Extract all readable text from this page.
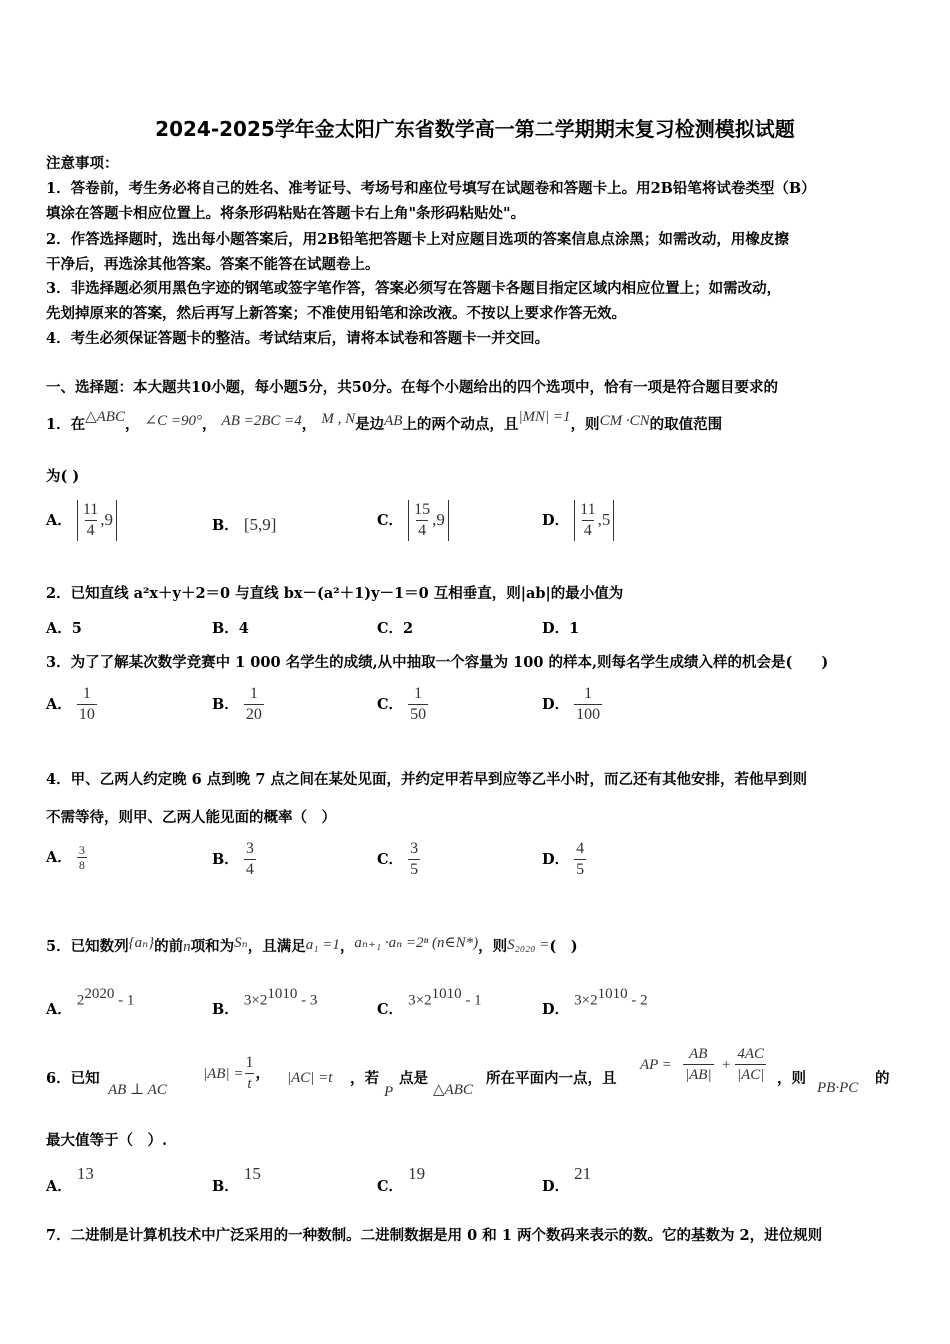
2024-2025学年金太阳广东省数学高一第二学期期末复习检测模拟试题
注意事项：
1．答卷前，考生务必将自己的姓名、准考证号、考场号和座位号填写在试题卷和答题卡上。用2B铅笔将试卷类型（B）
填涂在答题卡相应位置上。将条形码粘贴在答题卡右上角"条形码粘贴处"。
2．作答选择题时，选出每小题答案后，用2B铅笔把答题卡上对应题目选项的答案信息点涂黑；如需改动，用橡皮擦
干净后，再选涂其他答案。答案不能答在试题卷上。
3．非选择题必须用黑色字迹的钢笔或签字笔作答，答案必须写在答题卡各题目指定区域内相应位置上；如需改动，
先划掉原来的答案，然后再写上新答案；不准使用铅笔和涂改液。不按以上要求作答无效。
4．考生必须保证答题卡的整洁。考试结束后，请将本试卷和答题卡一并交回。
一、选择题：本大题共10小题，每小题5分，共50分。在每个小题给出的四个选项中，恰有一项是符合题目要求的
1．在△ABC， ∠C =90°， AB =2BC =4， M , N是边AB上的两个动点，且|MN| =1，则CM ·CN的取值范围
为( )
A． $\frac{11}{4} ,9$	B． [5,9]	C． $\frac{15}{4} ,9$	D． $\frac{11}{4} ,5$
2．已知直线 a²x＋y＋2＝0 与直线 bx－(a²＋1)y－1＝0 互相垂直，则|ab|的最小值为
A．5	B．4	C．2	D．1
3．为了了解某次数学竞赛中 1 000 名学生的成绩,从中抽取一个容量为 100 的样本,则每名学生成绩入样的机会是(　　)
A． $\frac{1}{10}$	B． $\frac{1}{20}$	C． $\frac{1}{50}$	D． $\frac{1}{100}$
4．甲、乙两人约定晚 6 点到晚 7 点之间在某处见面，并约定甲若早到应等乙半小时，而乙还有其他安排，若他早到则
不需等待，则甲、乙两人能见面的概率（　）
A． $\frac{3}{8}$	B． $\frac{3}{4}$	C． $\frac{3}{5}$	D． $\frac{4}{5}$
5．已知数列{aₙ}的前n项和为Sₙ，且满足a₁ =1，aₙ₊₁ ·aₙ =2ⁿ (n∈N*)，则S₂₀₂₀ =(　)
A． $2^{2020} - 1$
B． $3\times 2^{1010} - 3$
C． $3\times 2^{1010} - 1$
D． $3\times 2^{1010} - 2$
6．已知
AB ⊥ AC
$|AB| = \frac{1}{t}$ ， |AC| =t ，若
P
点是
△ABC
所在平面内一点，且
AP = $\frac{AB}{|AB|} + \frac{4AC}{|AC|}$ ，则
PB·PC
的
最大值等于（　）.
A． 13
B． 15
C． 19
D． 21
7．二进制是计算机技术中广泛采用的一种数制。二进制数据是用 0 和 1 两个数码来表示的数。它的基数为 2，进位规则
